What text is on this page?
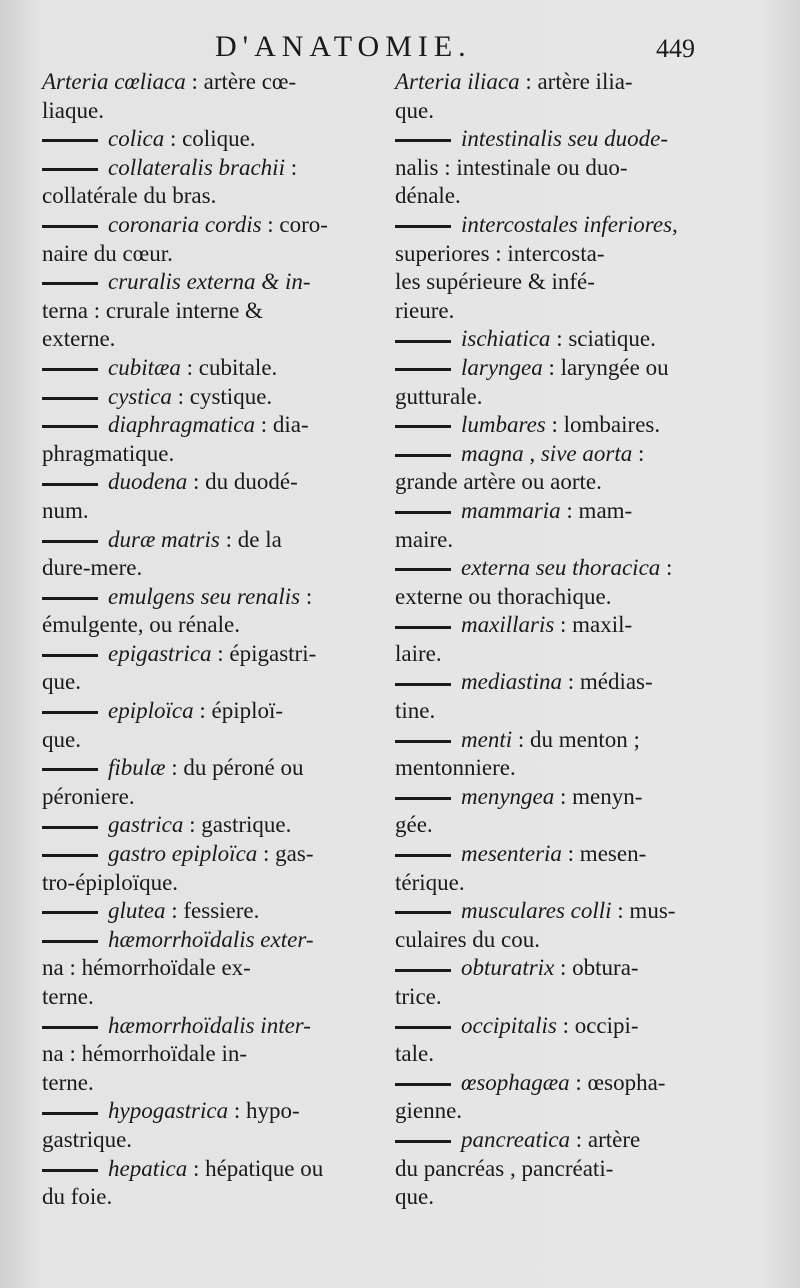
D'ANATOMIE.	449
Arteria cœliaca : artère cœ-
liaque.
colica : colique.
collateralis brachii :
collatérale du bras.
coronaria cordis : coro-
naire du cœur.
cruralis externa & in-
terna : crurale interne &
externe.
cubitæa : cubitale.
cystica : cystique.
diaphragmatica : dia-
phragmatique.
duodena : du duodé-
num.
duræ matris : de la
dure-mere.
emulgens seu renalis :
émulgente, ou rénale.
epigastrica : épigastri-
que.
epiploïca : épiploï-
que.
fibulæ : du péroné ou
péroniere.
gastrica : gastrique.
gastro epiploïca : gas-
tro-épiploïque.
glutea : fessiere.
hæmorrhoïdalis exter-
na : hémorrhoïdale ex-
terne.
hæmorrhoïdalis inter-
na : hémorrhoïdale in-
terne.
hypogastrica : hypo-
gastrique.
hepatica : hépatique ou
du foie.
Arteria iliaca : artère ilia-
que.
intestinalis seu duode-
nalis : intestinale ou duo-
dénale.
intercostales inferiores,
superiores : intercosta-
les supérieure & infé-
rieure.
ischiatica : sciatique.
laryngea : laryngée ou
gutturale.
lumbares : lombaires.
magna , sive aorta :
grande artère ou aorte.
mammaria : mam-
maire.
externa seu thoracica :
externe ou thorachique.
maxillaris : maxil-
laire.
mediastina : médias-
tine.
menti : du menton ;
mentonniere.
menyngea : menyn-
gée.
mesenteria : mesen-
térique.
musculares colli : mus-
culaires du cou.
obturatrix : obtura-
trice.
occipitalis : occipi-
tale.
œsophagæa : œsopha-
gienne.
pancreatica : artère
du pancréas , pancréati-
que.
